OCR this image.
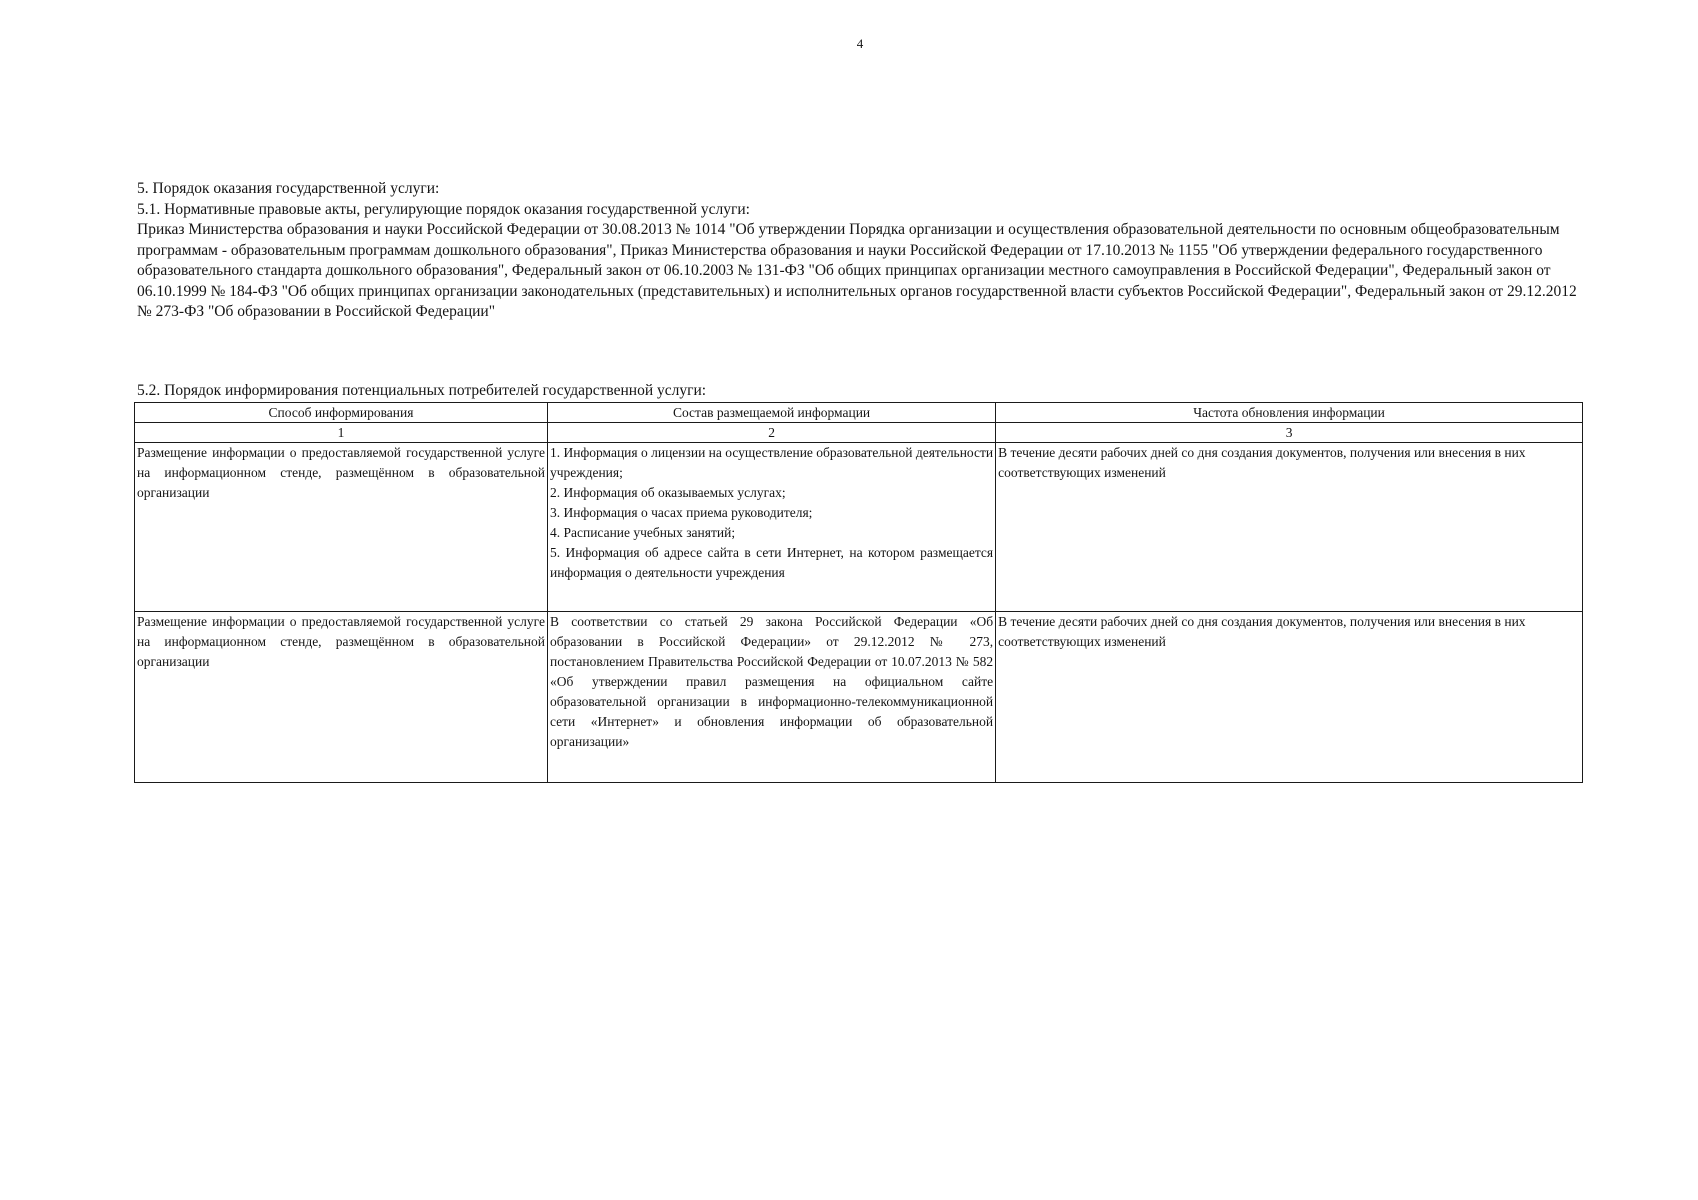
4

5. Порядок оказания государственной услуги:

5.1. Нормативные правовые акты, регулирующие порядок оказания государственной услуги:

Приказ Министерства образования и науки Российской Федерации от 30.08.2013 № 1014 "Об утверждении Порядка организации и осуществления образовательной деятельности по основным общеобразовательным программам - образовательным программам дошкольного образования", Приказ Министерства образования и науки Российской Федерации от 17.10.2013 № 1155 "Об утверждении федерального государственного образовательного стандарта дошкольного образования", Федеральный закон от 06.10.2003 № 131-ФЗ "Об общих принципах организации местного самоуправления в Российской Федерации", Федеральный закон от 06.10.1999 № 184-ФЗ "Об общих принципах организации законодательных (представительных) и исполнительных органов государственной власти субъектов Российской Федерации", Федеральный закон от 29.12.2012 № 273-ФЗ "Об образовании в Российской Федерации"

5.2. Порядок информирования потенциальных потребителей государственной услуги:
Способ информирования	Состав размещаемой информации	Частота обновления информации
1	2	3
Размещение информации о предоставляемой государственной услуге на информационном стенде, размещённом в образовательной организации	1. Информация о лицензии на осуществление образовательной деятельности учреждения;
2. Информация об оказываемых услугах;
3. Информация о часах приема руководителя;
4. Расписание учебных занятий;
5. Информация об адресе сайта в сети Интернет, на котором размещается информация о деятельности учреждения	В течение десяти рабочих дней со дня создания документов, получения или внесения в них соответствующих изменений
Размещение информации о предоставляемой государственной услуге на информационном стенде, размещённом в образовательной организации	В соответствии со статьей 29 закона Российской Федерации «Об образовании в Российской Федерации» от 29.12.2012 № 273, постановлением Правительства Российской Федерации от 10.07.2013 № 582 «Об утверждении правил размещения на официальном сайте образовательной организации в информационно-телекоммуникационной сети «Интернет» и обновления информации об образовательной организации»	В течение десяти рабочих дней со дня создания документов, получения или внесения в них соответствующих изменений
